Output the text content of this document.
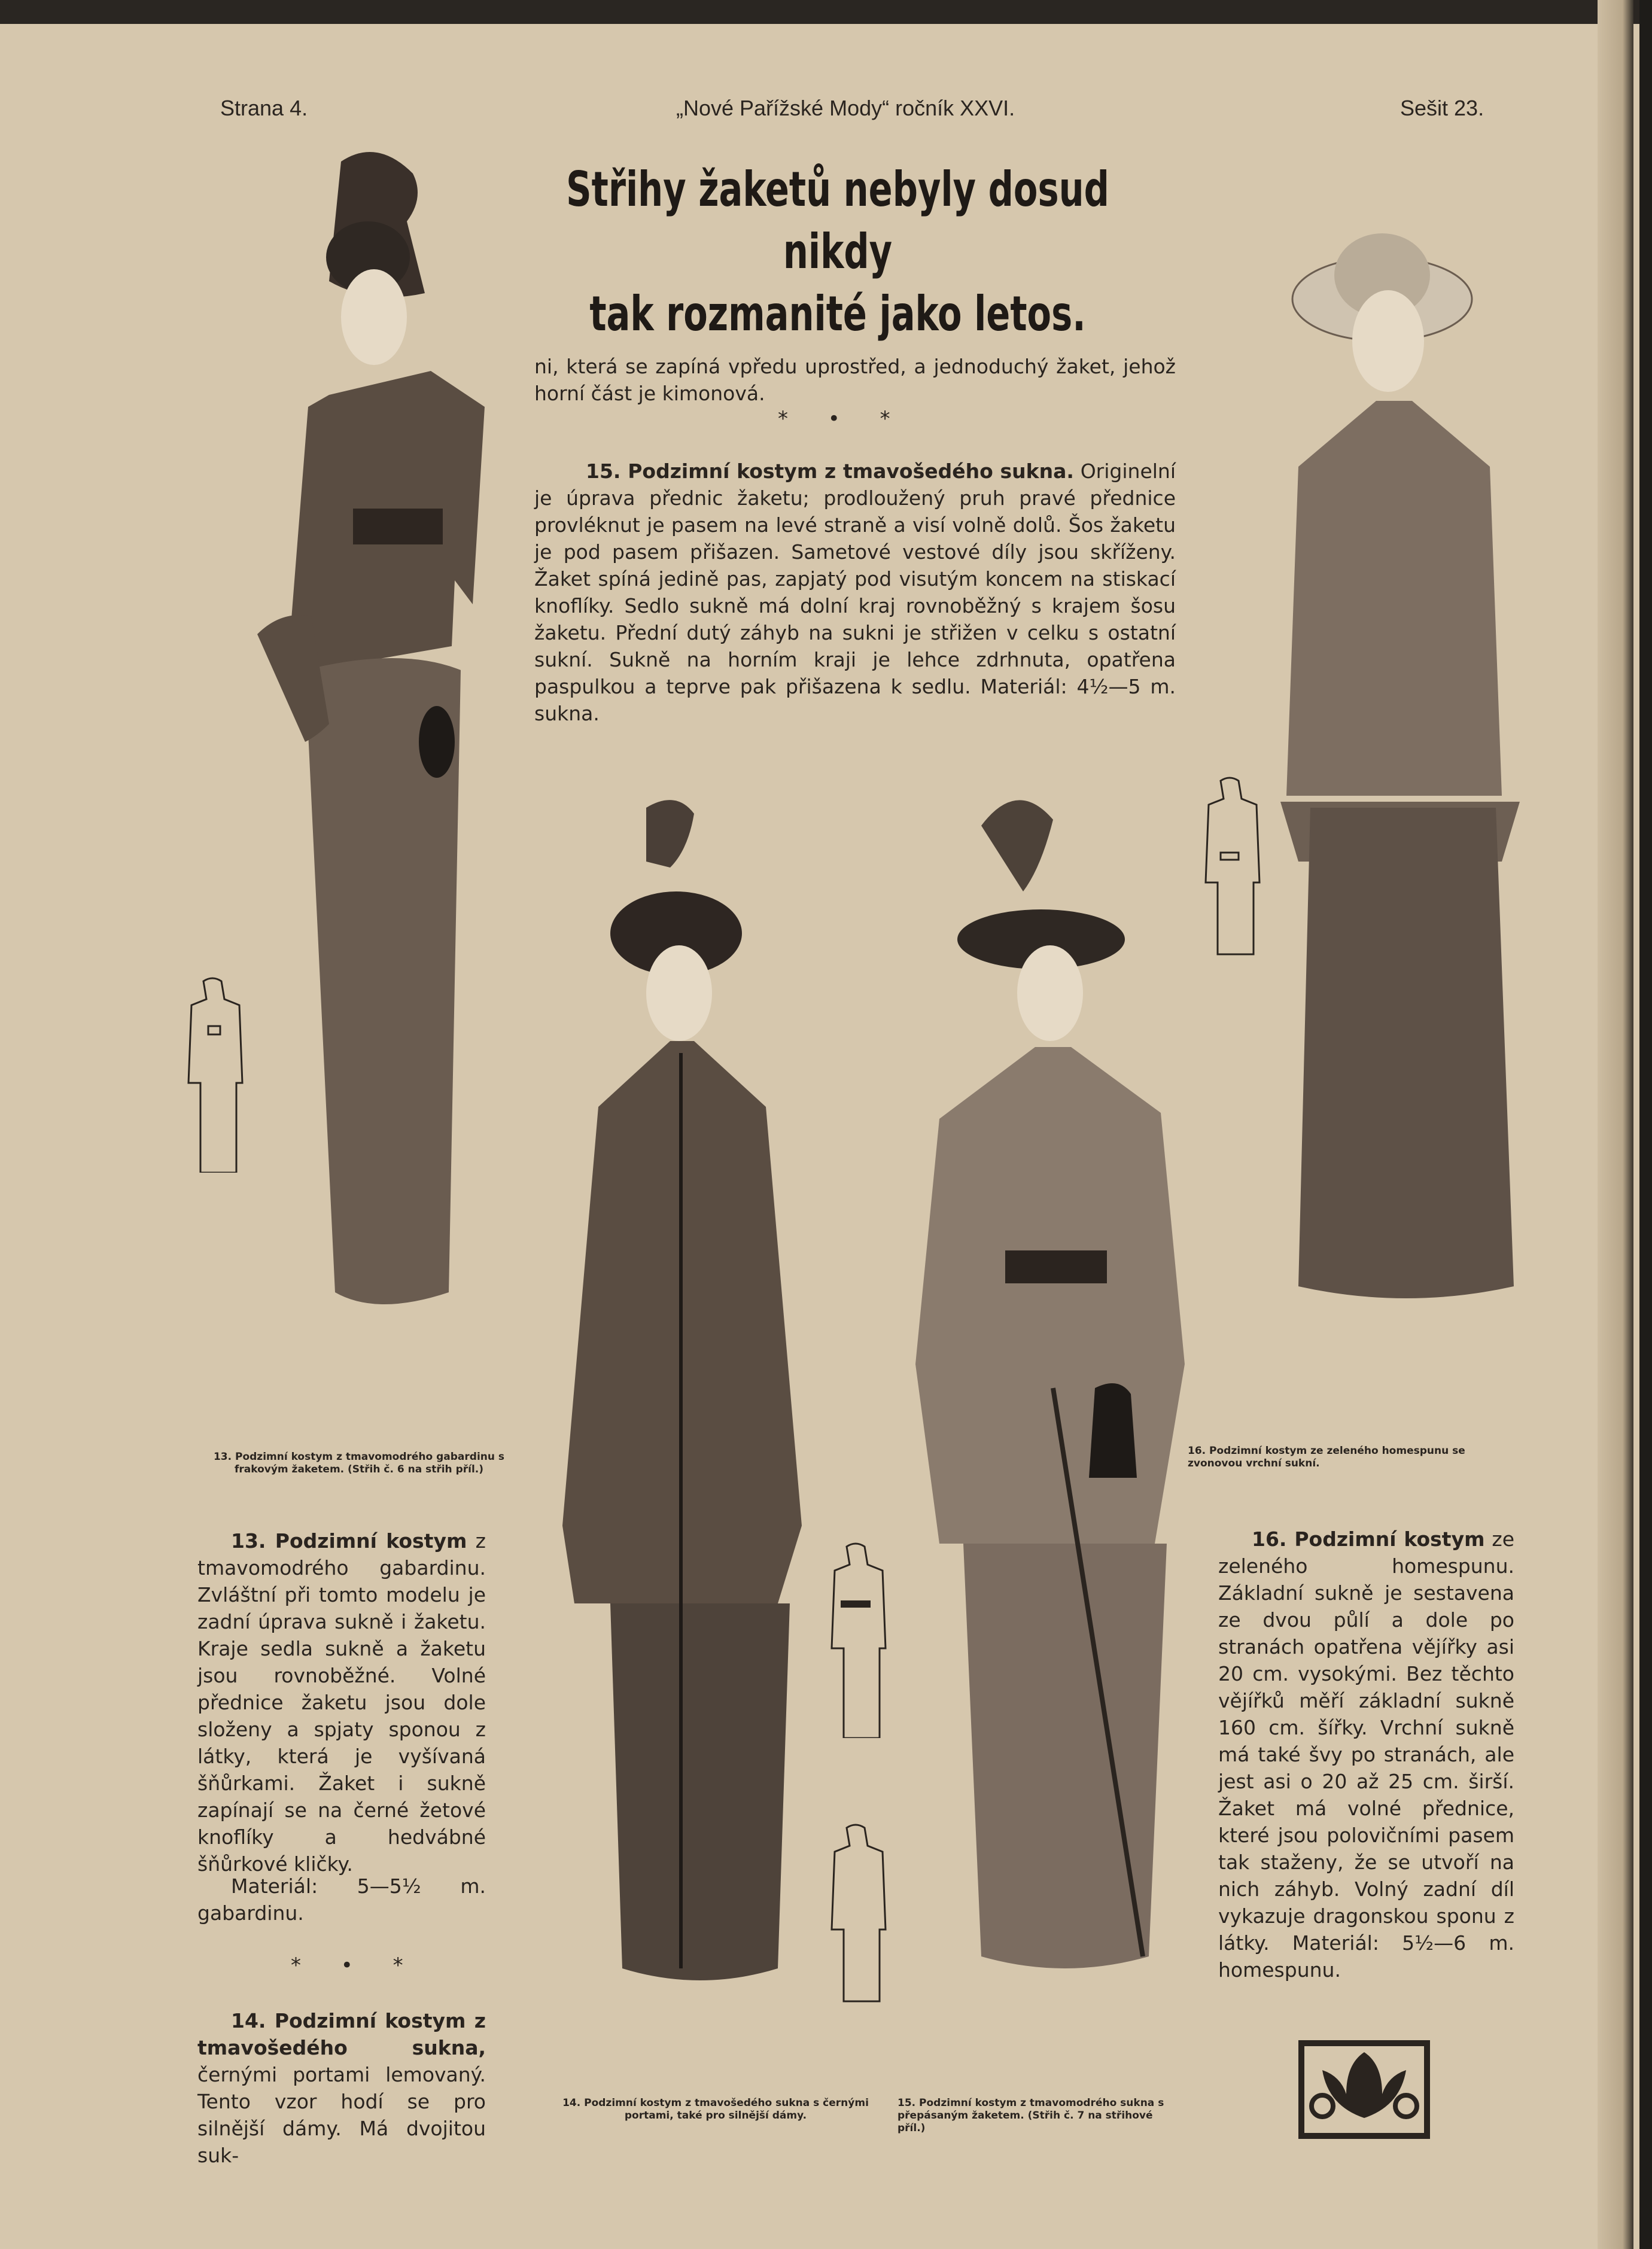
Strana 4.	„Nové Pařížské Mody“ ročník XXVI.	Sešit 23.
Střihy žaketů nebyly dosud nikdy
tak rozmanité jako letos.
ni, která se zapíná vpředu uprostřed, a jednoduchý žaket, jehož horní část je kimonová.
* • *
15. Podzimní kostym z tmavošedého sukna. Originelní je úprava přednic žaketu; prodloužený pruh pravé přednice provléknut je pasem na levé straně a visí volně dolů. Šos žaketu je pod pasem přišazen. Sametové vestové díly jsou skříženy. Žaket spíná jedině pas, zapjatý pod visutým koncem na stiskací knoflíky. Sedlo sukně má dolní kraj rovnoběžný s krajem šosu žaketu. Přední dutý záhyb na sukni je střižen v celku s ostatní sukní. Sukně na horním kraji je lehce zdrhnuta, opatřena paspulkou a teprve pak přišazena k sedlu. Materiál: 4½—5 m. sukna.
13. Podzimní kostym z tmavomodrého gabardinu s frakovým žaketem. (Střih č. 6 na střih příl.)
13. Podzimní kostym z tmavomodrého gabardinu. Zvláštní při tomto modelu je zadní úprava sukně i žaketu. Kraje sedla sukně a žaketu jsou rovnoběžné. Volné přednice žaketu jsou dole složeny a spjaty sponou z látky, která je vyšívaná šňůrkami. Žaket i sukně zapínají se na černé žetové knoflíky a hedvábné šňůrkové kličky.
Materiál: 5—5½ m. gabardinu.
* • *
14. Podzimní kostym z tmavošedého sukna, černými portami lemovaný. Tento vzor hodí se pro silnější dámy. Má dvojitou suk-
14. Podzimní kostym z tmavošedého sukna s černými portami, také pro silnější dámy.
15. Podzimní kostym z tmavomodrého sukna s přepásaným žaketem. (Střih č. 7 na střihové příl.)
16. Podzimní kostym ze zeleného homespunu se zvonovou vrchní sukní.
16. Podzimní kostym ze zeleného homespunu. Základní sukně je sestavena ze dvou půlí a dole po stranách opatřena vějířky asi 20 cm. vysokými. Bez těchto vějířků měří základní sukně 160 cm. šířky. Vrchní sukně má také švy po stranách, ale jest asi o 20 až 25 cm. širší. Žaket má volné přednice, které jsou polovičními pasem tak staženy, že se utvoří na nich záhyb. Volný zadní díl vykazuje dragonskou sponu z látky. Materiál: 5½—6 m. homespunu.
